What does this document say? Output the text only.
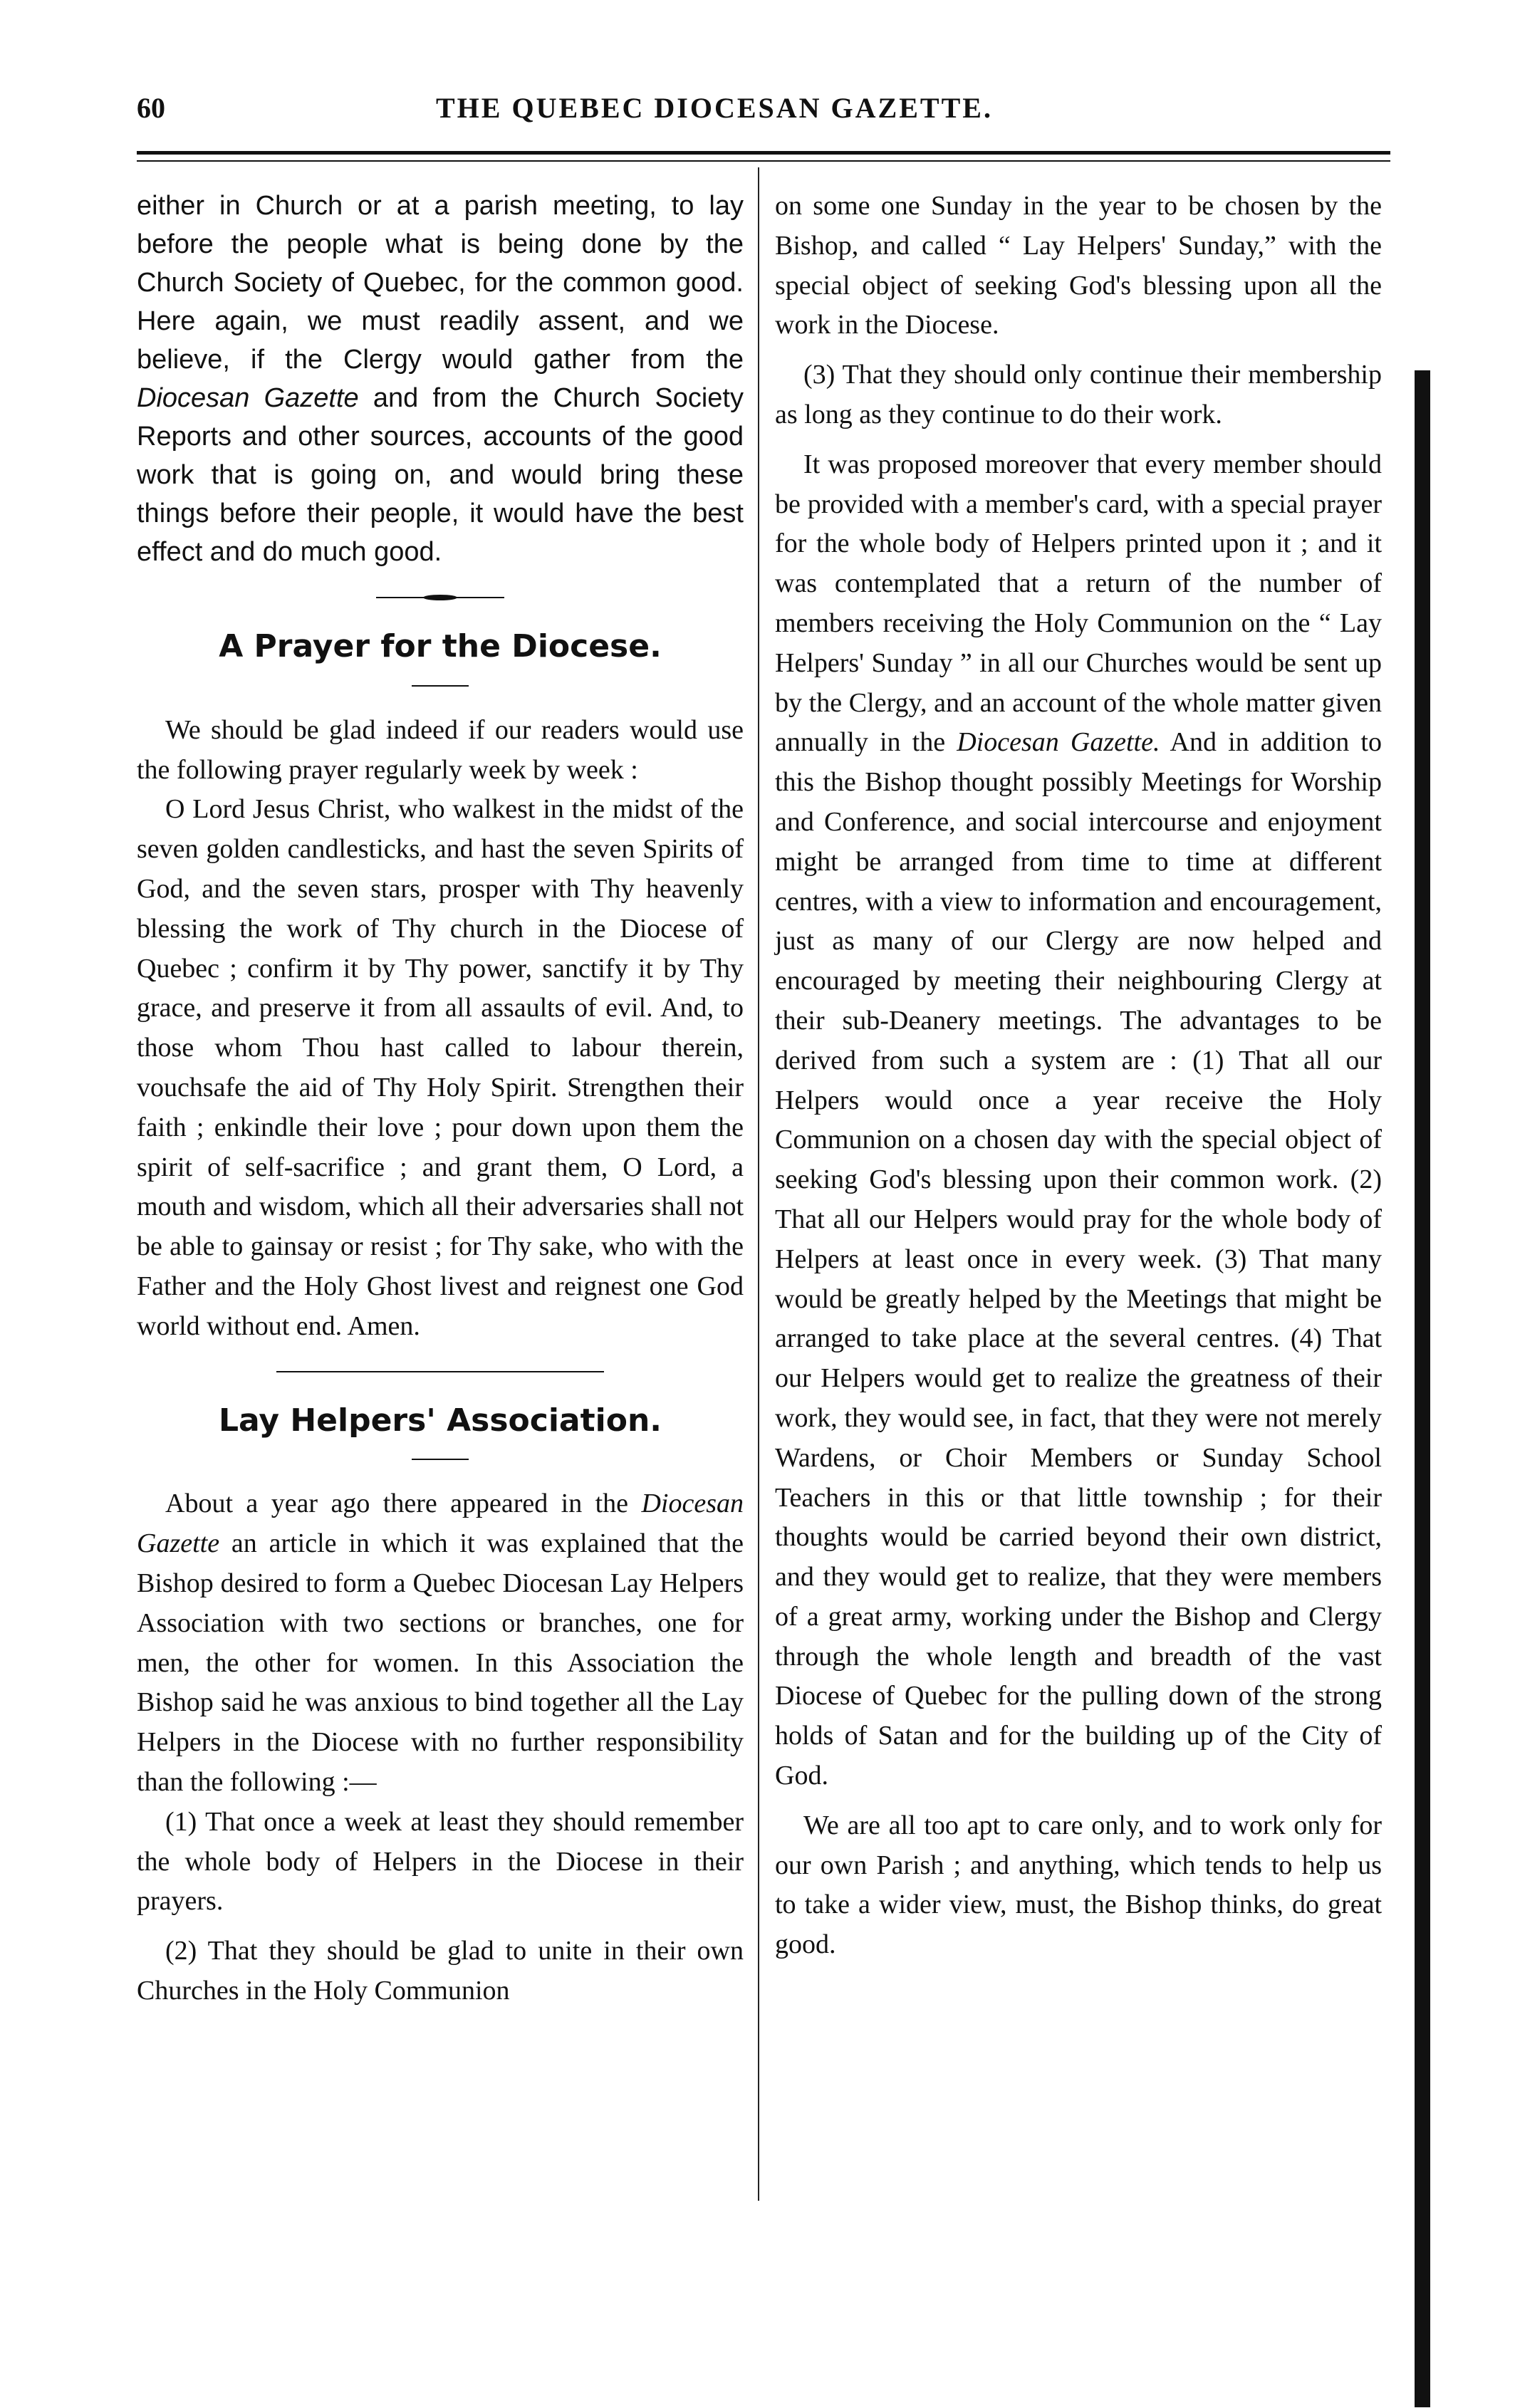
60	THE QUEBEC DIOCESAN GAZETTE.

either in Church or at a parish meeting, to lay before the people what is being done by the Church Society of Quebec, for the common good. Here again, we must readily assent, and we believe, if the Clergy would gather from the Diocesan Gazette and from the Church Society Reports and other sources, accounts of the good work that is going on, and would bring these things before their people, it would have the best effect and do much good.

A Prayer for the Diocese.

We should be glad indeed if our readers would use the following prayer regularly week by week :

O Lord Jesus Christ, who walkest in the midst of the seven golden candlesticks, and hast the seven Spirits of God, and the seven stars, prosper with Thy heavenly blessing the work of Thy church in the Diocese of Quebec ; confirm it by Thy power, sanctify it by Thy grace, and preserve it from all assaults of evil. And, to those whom Thou hast called to labour therein, vouchsafe the aid of Thy Holy Spirit. Strengthen their faith ; enkindle their love ; pour down upon them the spirit of self-sacrifice ; and grant them, O Lord, a mouth and wisdom, which all their adversaries shall not be able to gainsay or resist ; for Thy sake, who with the Father and the Holy Ghost livest and reignest one God world without end. Amen.

Lay Helpers' Association.

About a year ago there appeared in the Diocesan Gazette an article in which it was explained that the Bishop desired to form a Quebec Diocesan Lay Helpers Association with two sections or branches, one for men, the other for women. In this Association the Bishop said he was anxious to bind together all the Lay Helpers in the Diocese with no further responsibility than the following :—

(1) That once a week at least they should remember the whole body of Helpers in the Diocese in their prayers.

(2) That they should be glad to unite in their own Churches in the Holy Communion

on some one Sunday in the year to be chosen by the Bishop, and called “ Lay Helpers' Sunday,” with the special object of seeking God's blessing upon all the work in the Diocese.

(3) That they should only continue their membership as long as they continue to do their work.

It was proposed moreover that every member should be provided with a member's card, with a special prayer for the whole body of Helpers printed upon it ; and it was contemplated that a return of the number of members receiving the Holy Communion on the “ Lay Helpers' Sunday ” in all our Churches would be sent up by the Clergy, and an account of the whole matter given annually in the Diocesan Gazette. And in addition to this the Bishop thought possibly Meetings for Worship and Conference, and social intercourse and enjoyment might be arranged from time to time at different centres, with a view to information and encouragement, just as many of our Clergy are now helped and encouraged by meeting their neighbouring Clergy at their sub-Deanery meetings. The advantages to be derived from such a system are : (1) That all our Helpers would once a year receive the Holy Communion on a chosen day with the special object of seeking God's blessing upon their common work. (2) That all our Helpers would pray for the whole body of Helpers at least once in every week. (3) That many would be greatly helped by the Meetings that might be arranged to take place at the several centres. (4) That our Helpers would get to realize the greatness of their work, they would see, in fact, that they were not merely Wardens, or Choir Members or Sunday School Teachers in this or that little township ; for their thoughts would be carried beyond their own district, and they would get to realize, that they were members of a great army, working under the Bishop and Clergy through the whole length and breadth of the vast Diocese of Quebec for the pulling down of the strong holds of Satan and for the building up of the City of God.

We are all too apt to care only, and to work only for our own Parish ; and anything, which tends to help us to take a wider view, must, the Bishop thinks, do great good.
